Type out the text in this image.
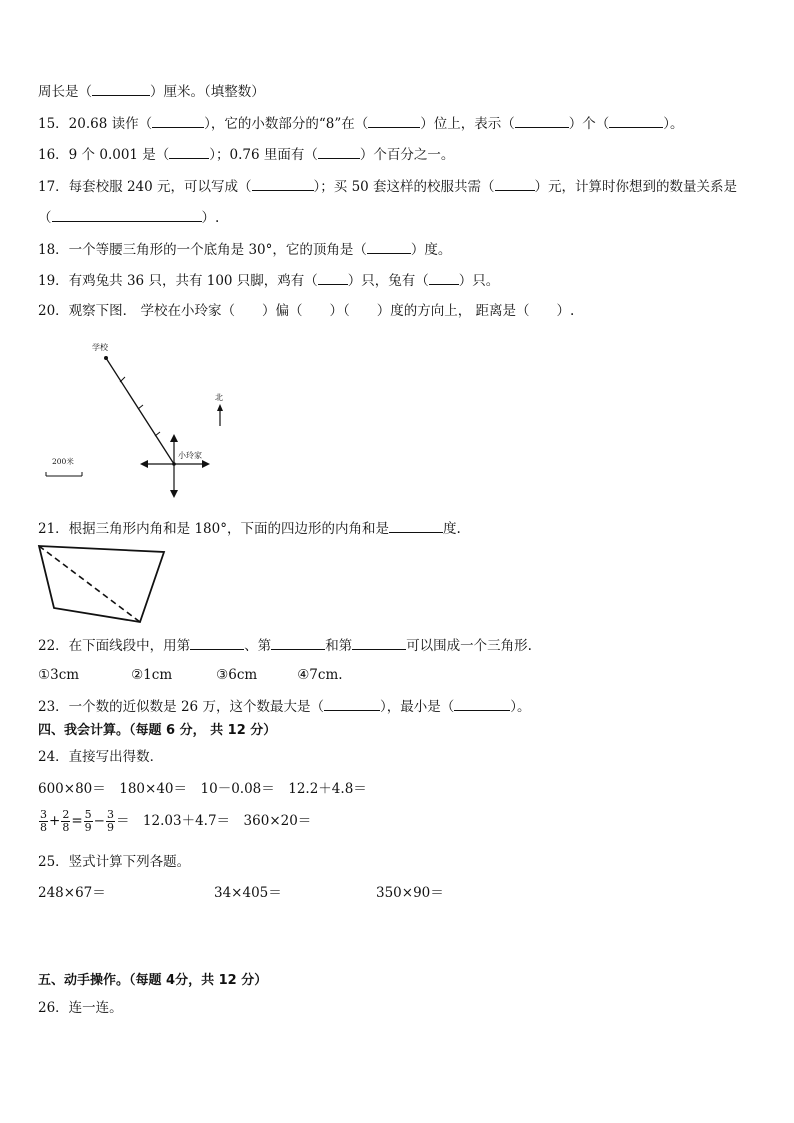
周长是（	）厘米。（填整数）
15．20.68 读作（	），它的小数部分的“8”在（	）位上，表示（	）个（	）。
16．9 个 0.001 是（	）；0.76 里面有（	）个百分之一。
17．每套校服 240 元，可以写成（	）；买 50 套这样的校服共需（	）元，计算时你想到的数量关系是
（	）.
18．一个等腰三角形的一个底角是 30°，它的顶角是（	）度。
19．有鸡兔共 36 只，共有 100 只脚，鸡有（ ）只，兔有（ ）只。
20．观察下图． 学校在小玲家（　　）偏（　　）（　　）度的方向上， 距离是（　　）.
学校
小玲家
北
200米
21．根据三角形内角和是 180°，下面的四边形的内角和是	度.
22．在下面线段中，用第	、第	和第	可以围成一个三角形.
①3cm	②1cm	③6cm	④7cm.
23．一个数的近似数是 26 万，这个数最大是（	），最小是（	）。
四、我会计算。（每题 6 分， 共 12 分）
24．直接写出得数．
600×80＝　180×40＝　10－0.08＝　12.2＋4.8＝
$\frac{3}{8} + \frac{2}{8} = \frac{5}{9} - \frac{3}{9}$ ＝　12.03＋4.7＝　360×20＝
25．竖式计算下列各题。
248×67＝	34×405＝	350×90＝
五、动手操作。（每题 4分，共 12 分）
26．连一连。
